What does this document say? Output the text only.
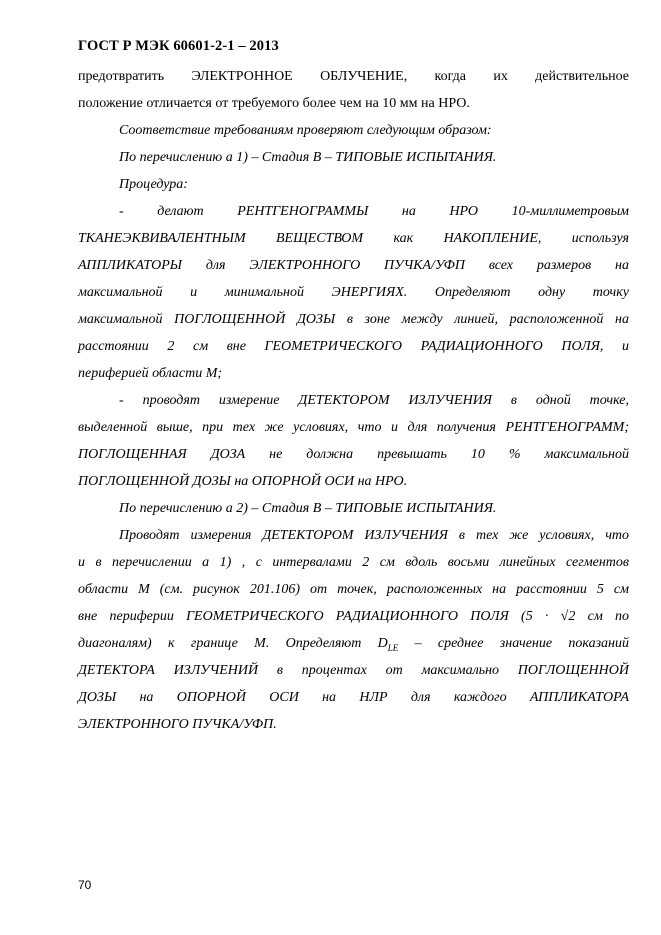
ГОСТ Р МЭК 60601-2-1 – 2013
предотвратить ЭЛЕКТРОННОЕ ОБЛУЧЕНИЕ, когда их действительное
положение отличается от требуемого более чем на 10 мм на НРО.
Соответствие требованиям проверяют следующим образом:
По перечислению а 1) – Стадия В – ТИПОВЫЕ ИСПЫТАНИЯ.
Процедура:
- делают РЕНТГЕНОГРАММЫ на НРО 10-миллиметровым
ТКАНЕЭКВИВАЛЕНТНЫМ ВЕЩЕСТВОМ как НАКОПЛЕНИЕ, используя
АППЛИКАТОРЫ для ЭЛЕКТРОННОГО ПУЧКА/УФП всех размеров на
максимальной и минимальной ЭНЕРГИЯХ. Определяют одну точку
максимальной ПОГЛОЩЕННОЙ ДОЗЫ в зоне между линией, расположенной на
расстоянии 2 см вне ГЕОМЕТРИЧЕСКОГО РАДИАЦИОННОГО ПОЛЯ, и
периферией области М;
- проводят измерение ДЕТЕКТОРОМ ИЗЛУЧЕНИЯ в одной точке,
выделенной выше, при тех же условиях, что и для получения РЕНТГЕНОГРАММ;
ПОГЛОЩЕННАЯ ДОЗА не должна превышать 10 % максимальной
ПОГЛОЩЕННОЙ ДОЗЫ на ОПОРНОЙ ОСИ на НРО.
По перечислению а 2) – Стадия В – ТИПОВЫЕ ИСПЫТАНИЯ.
Проводят измерения ДЕТЕКТОРОМ ИЗЛУЧЕНИЯ в тех же условиях, что
и в перечислении а 1) , с интервалами 2 см вдоль восьми линейных сегментов
области М (см. рисунок 201.106) от точек, расположенных на расстоянии 5 см
вне периферии ГЕОМЕТРИЧЕСКОГО РАДИАЦИОННОГО ПОЛЯ (5 · √2 см по
диагоналям) к границе М. Определяют $D_{LE}$ – среднее значение показаний
ДЕТЕКТОРА ИЗЛУЧЕНИЙ в процентах от максимально ПОГЛОЩЕННОЙ
ДОЗЫ на ОПОРНОЙ ОСИ на НЛР для каждого АППЛИКАТОРА
ЭЛЕКТРОННОГО ПУЧКА/УФП.
70
